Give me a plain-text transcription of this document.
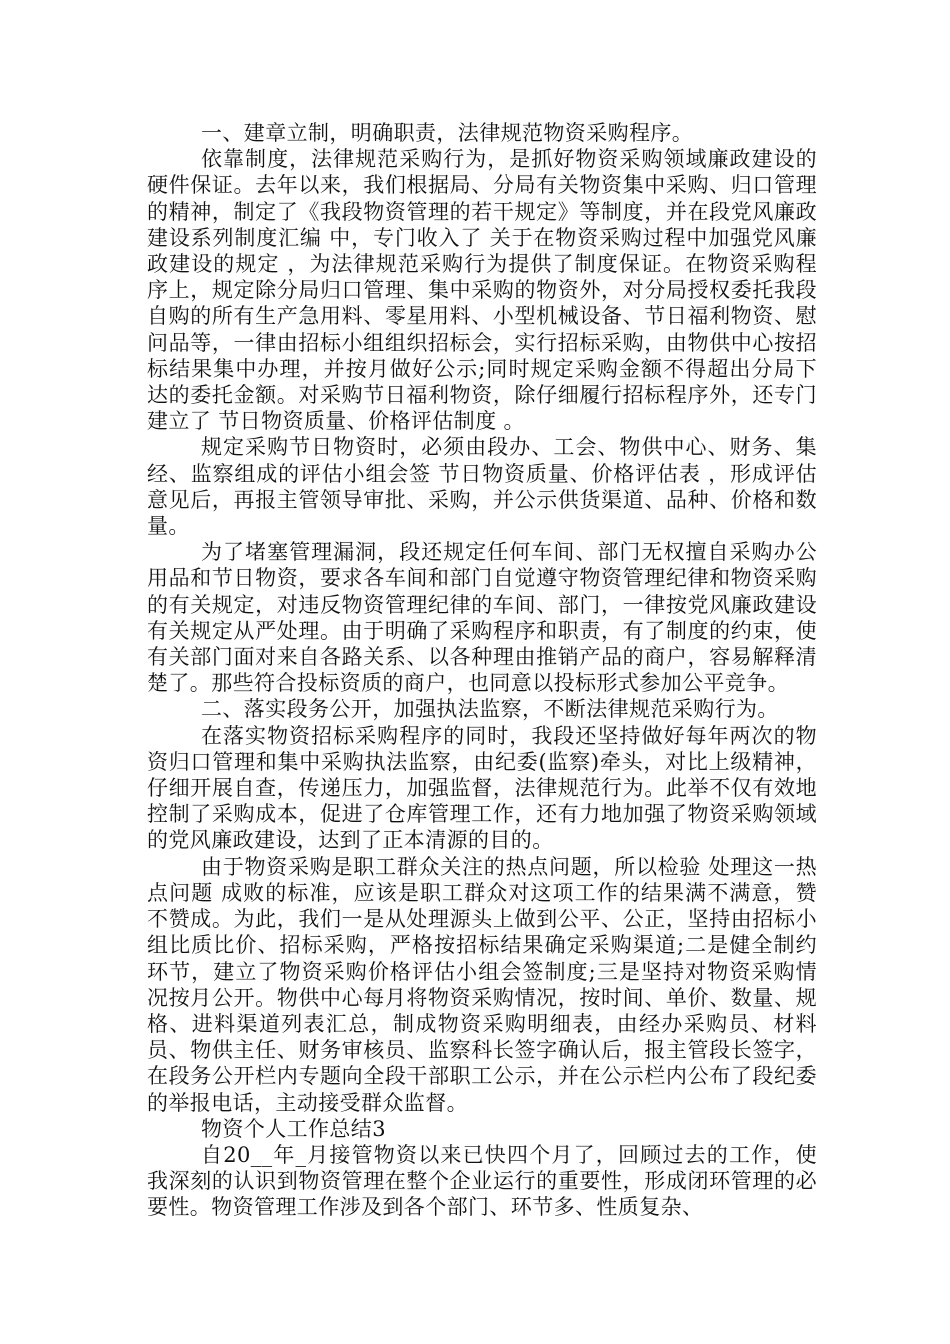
一、建章立制，明确职责，法律规范物资采购程序。

依靠制度，法律规范采购行为，是抓好物资采购领域廉政建设的硬件保证。去年以来，我们根据局、分局有关物资集中采购、归口管理的精神，制定了《我段物资管理的若干规定》等制度，并在段党风廉政建设系列制度汇编 中，专门收入了 关于在物资采购过程中加强党风廉政建设的规定 ，为法律规范采购行为提供了制度保证。在物资采购程序上，规定除分局归口管理、集中采购的物资外，对分局授权委托我段自购的所有生产急用料、零星用料、小型机械设备、节日福利物资、慰问品等，一律由招标小组组织招标会，实行招标采购，由物供中心按招标结果集中办理，并按月做好公示;同时规定采购金额不得超出分局下达的委托金额。对采购节日福利物资，除仔细履行招标程序外，还专门建立了 节日物资质量、价格评估制度 。

规定采购节日物资时，必须由段办、工会、物供中心、财务、集经、监察组成的评估小组会签 节日物资质量、价格评估表 ，形成评估意见后，再报主管领导审批、采购，并公示供货渠道、品种、价格和数量。

为了堵塞管理漏洞，段还规定任何车间、部门无权擅自采购办公用品和节日物资，要求各车间和部门自觉遵守物资管理纪律和物资采购的有关规定，对违反物资管理纪律的车间、部门，一律按党风廉政建设有关规定从严处理。由于明确了采购程序和职责，有了制度的约束，使有关部门面对来自各路关系、以各种理由推销产品的商户，容易解释清楚了。那些符合投标资质的商户，也同意以投标形式参加公平竞争。

二、落实段务公开，加强执法监察，不断法律规范采购行为。

在落实物资招标采购程序的同时，我段还坚持做好每年两次的物资归口管理和集中采购执法监察，由纪委(监察)牵头，对比上级精神，仔细开展自查，传递压力，加强监督，法律规范行为。此举不仅有效地控制了采购成本，促进了仓库管理工作，还有力地加强了物资采购领域的党风廉政建设，达到了正本清源的目的。

由于物资采购是职工群众关注的热点问题，所以检验 处理这一热点问题 成败的标准，应该是职工群众对这项工作的结果满不满意，赞不赞成。为此，我们一是从处理源头上做到公平、公正，坚持由招标小组比质比价、招标采购，严格按招标结果确定采购渠道;二是健全制约环节，建立了物资采购价格评估小组会签制度;三是坚持对物资采购情况按月公开。物供中心每月将物资采购情况，按时间、单价、数量、规格、进料渠道列表汇总，制成物资采购明细表，由经办采购员、材料员、物供主任、财务审核员、监察科长签字确认后，报主管段长签字，在段务公开栏内专题向全段干部职工公示，并在公示栏内公布了段纪委的举报电话，主动接受群众监督。

物资个人工作总结3

自20__年_月接管物资以来已快四个月了，回顾过去的工作，使我深刻的认识到物资管理在整个企业运行的重要性，形成闭环管理的必要性。物资管理工作涉及到各个部门、环节多、性质复杂、
